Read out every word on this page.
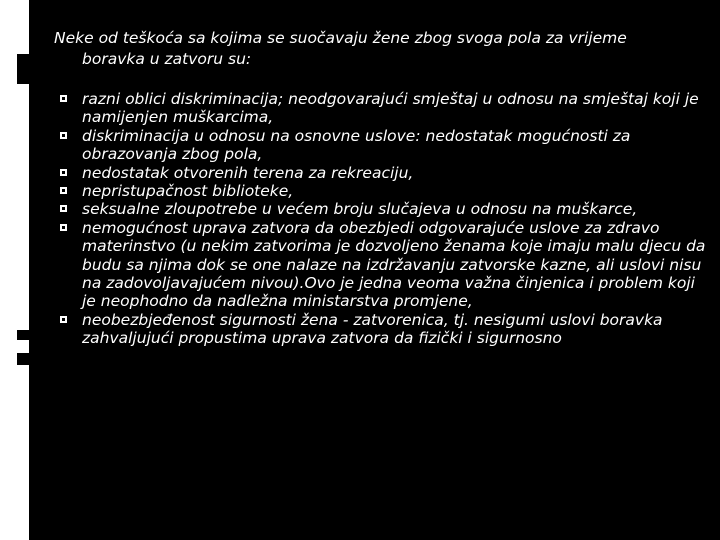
Neke od teškoća sa kojima se suočavaju žene zbog svoga pola za vrijeme
boravka u zatvoru su:

razni oblici diskriminacija; neodgovarajući smještaj u odnosu na smještaj koji je namijenjen muškarcima,
diskriminacija u odnosu na osnovne uslove: nedostatak mogućnosti za obrazovanja zbog pola,
nedostatak otvorenih terena za rekreaciju,
nepristupačnost biblioteke,
seksualne zloupotrebe u većem broju slučajeva u odnosu na muškarce,
nemogućnost uprava zatvora da obezbjedi odgovarajuće uslove za zdravo materinstvo (u nekim zatvorima je dozvoljeno ženama koje imaju malu djecu da budu sa njima dok se one nalaze na izdržavanju zatvorske kazne, ali uslovi nisu na zadovoljavajućem nivou).Ovo je jedna veoma važna činjenica i problem koji je neophodno da nadležna ministarstva promjene,
neobezbjeđenost sigurnosti žena - zatvorenica, tj. nesigumi uslovi boravka zahvaljujući propustima uprava zatvora da fizički i sigurnosno
